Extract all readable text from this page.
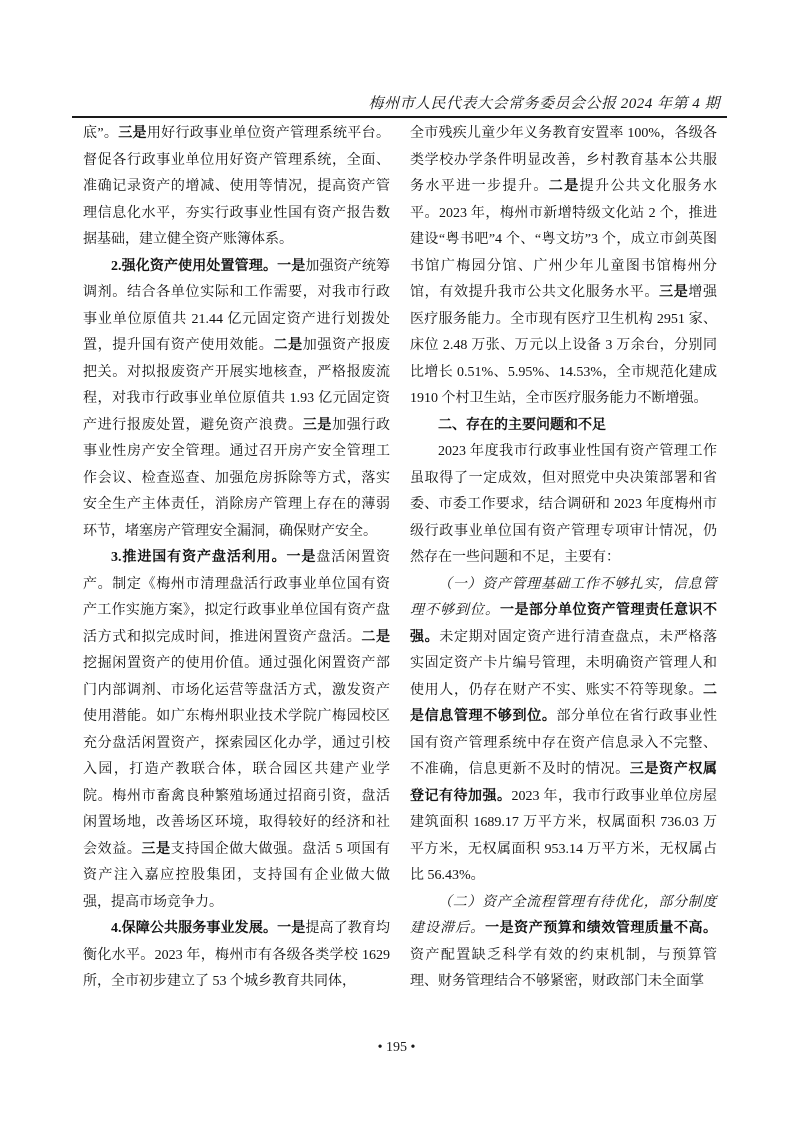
梅州市人民代表大会常务委员会公报 2024 年第 4 期

底”。三是用好行政事业单位资产管理系统平台。督促各行政事业单位用好资产管理系统，全面、准确记录资产的增减、使用等情况，提高资产管理信息化水平，夯实行政事业性国有资产报告数据基础，建立健全资产账簿体系。

2.强化资产使用处置管理。一是加强资产统筹调剂。结合各单位实际和工作需要，对我市行政事业单位原值共 21.44 亿元固定资产进行划拨处置，提升国有资产使用效能。二是加强资产报废把关。对拟报废资产开展实地核查，严格报废流程，对我市行政事业单位原值共 1.93 亿元固定资产进行报废处置，避免资产浪费。三是加强行政事业性房产安全管理。通过召开房产安全管理工作会议、检查巡查、加强危房拆除等方式，落实安全生产主体责任，消除房产管理上存在的薄弱环节，堵塞房产管理安全漏洞，确保财产安全。

3.推进国有资产盘活利用。一是盘活闲置资产。制定《梅州市清理盘活行政事业单位国有资产工作实施方案》，拟定行政事业单位国有资产盘活方式和拟完成时间，推进闲置资产盘活。二是挖掘闲置资产的使用价值。通过强化闲置资产部门内部调剂、市场化运营等盘活方式，激发资产使用潜能。如广东梅州职业技术学院广梅园校区充分盘活闲置资产，探索园区化办学，通过引校入园，打造产教联合体，联合园区共建产业学院。梅州市畜禽良种繁殖场通过招商引资，盘活闲置场地，改善场区环境，取得较好的经济和社会效益。三是支持国企做大做强。盘活 5 项国有资产注入嘉应控股集团，支持国有企业做大做强，提高市场竞争力。

4.保障公共服务事业发展。一是提高了教育均衡化水平。2023 年，梅州市有各级各类学校 1629 所，全市初步建立了 53 个城乡教育共同体，

全市残疾儿童少年义务教育安置率 100%，各级各类学校办学条件明显改善，乡村教育基本公共服务水平进一步提升。二是提升公共文化服务水平。2023 年，梅州市新增特级文化站 2 个，推进建设“粤书吧”4 个、“粤文坊”3 个，成立市剑英图书馆广梅园分馆、广州少年儿童图书馆梅州分馆，有效提升我市公共文化服务水平。三是增强医疗服务能力。全市现有医疗卫生机构 2951 家、床位 2.48 万张、万元以上设备 3 万余台，分别同比增长 0.51%、5.95%、14.53%，全市规范化建成 1910 个村卫生站，全市医疗服务能力不断增强。

二、存在的主要问题和不足

2023 年度我市行政事业性国有资产管理工作虽取得了一定成效，但对照党中央决策部署和省委、市委工作要求，结合调研和 2023 年度梅州市级行政事业单位国有资产管理专项审计情况，仍然存在一些问题和不足，主要有：

（一）资产管理基础工作不够扎实，信息管理不够到位。一是部分单位资产管理责任意识不强。未定期对固定资产进行清查盘点，未严格落实固定资产卡片编号管理，未明确资产管理人和使用人，仍存在财产不实、账实不符等现象。二是信息管理不够到位。部分单位在省行政事业性国有资产管理系统中存在资产信息录入不完整、不准确，信息更新不及时的情况。三是资产权属登记有待加强。2023 年，我市行政事业单位房屋建筑面积 1689.17 万平方米，权属面积 736.03 万平方米，无权属面积 953.14 万平方米，无权属占比 56.43%。

（二）资产全流程管理有待优化，部分制度建设滞后。一是资产预算和绩效管理质量不高。资产配置缺乏科学有效的约束机制，与预算管理、财务管理结合不够紧密，财政部门未全面掌

• 195 •
